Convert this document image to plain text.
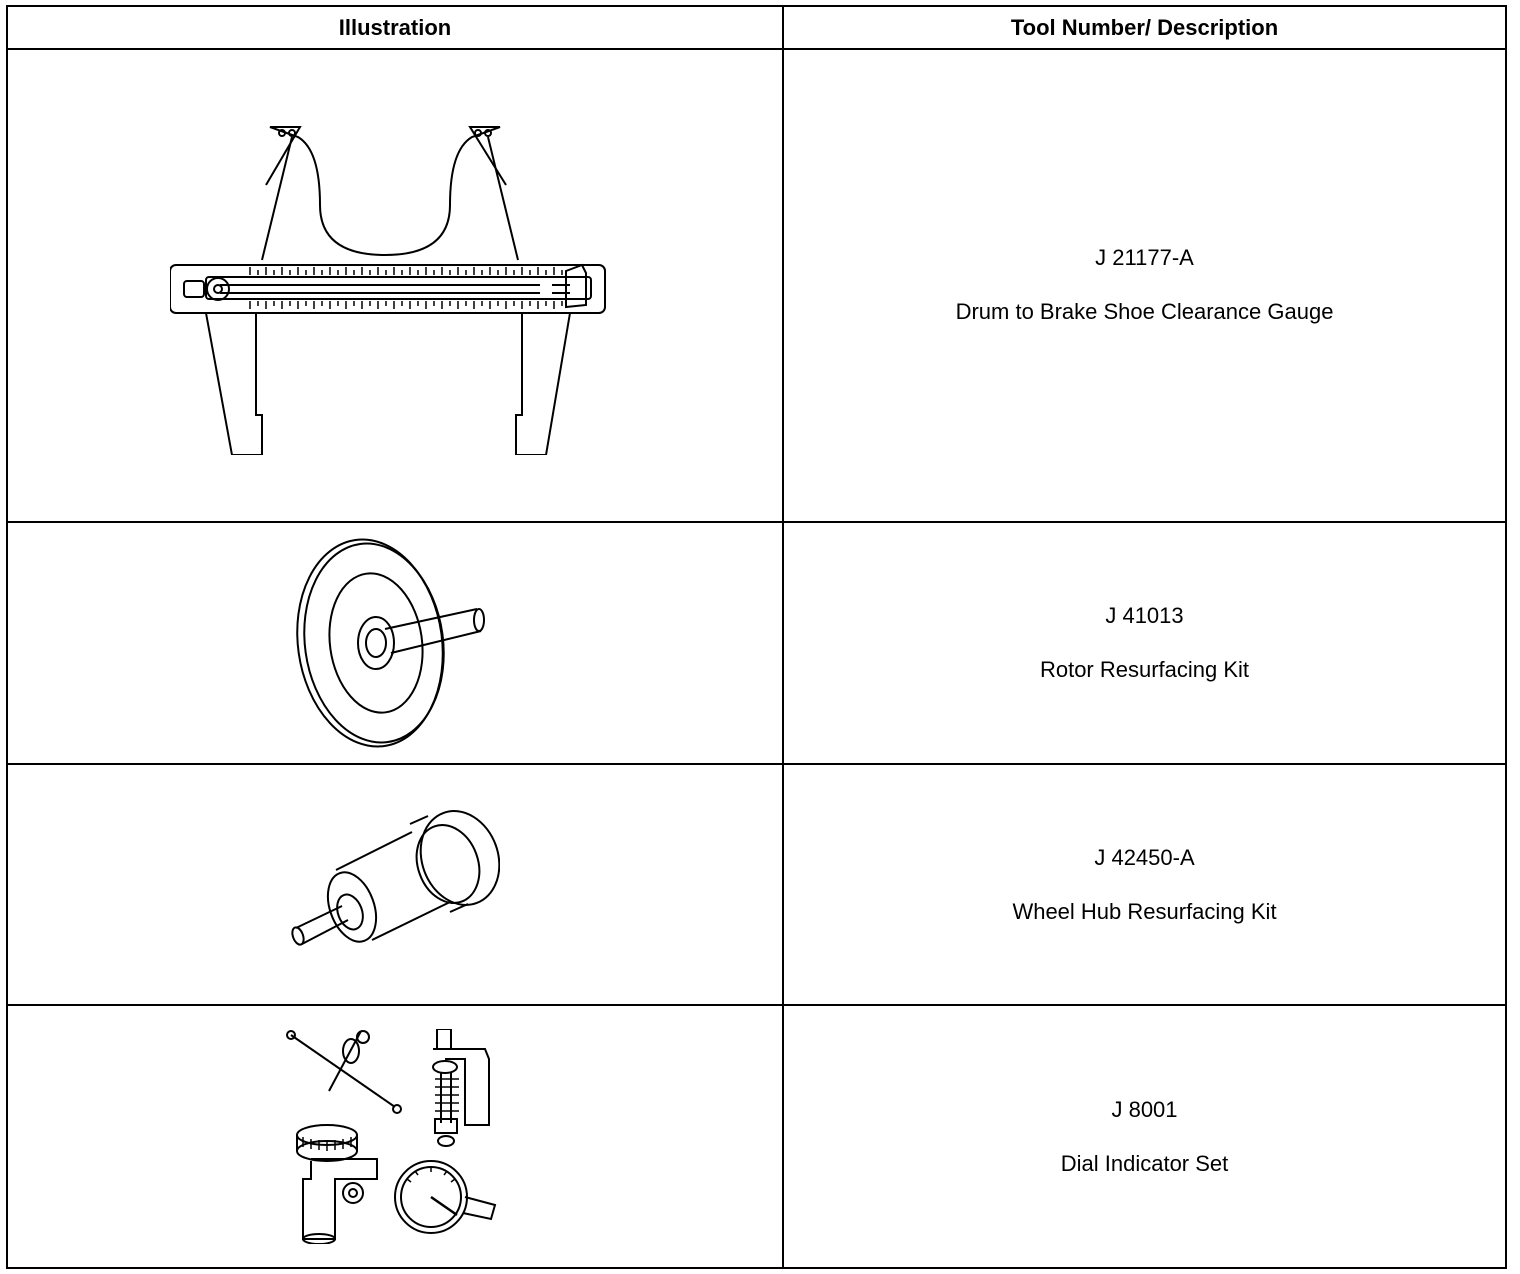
Illustration	Tool Number/ Description

J 21177-A
Drum to Brake Shoe Clearance Gauge

J 41013
Rotor Resurfacing Kit

J 42450-A
Wheel Hub Resurfacing Kit

J 8001
Dial Indicator Set
